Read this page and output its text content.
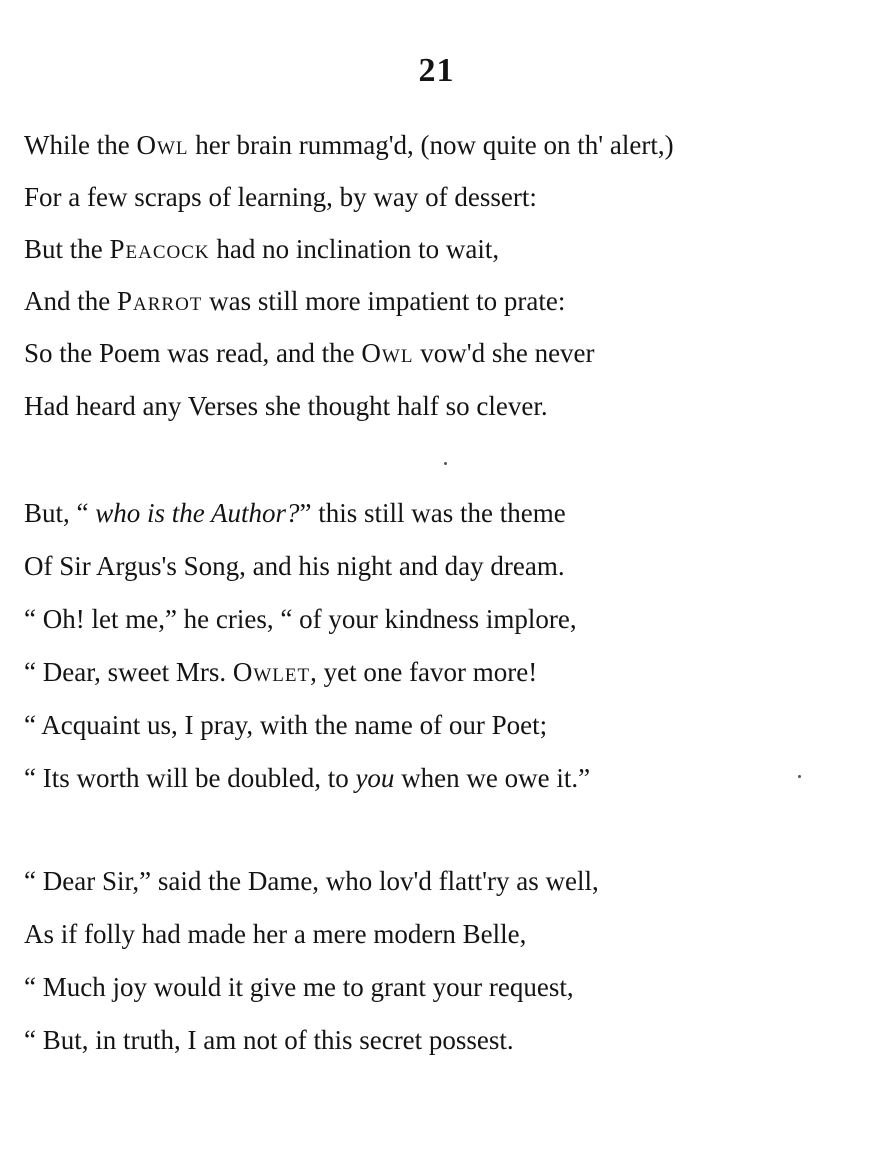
21
While the Owl her brain rummag'd, (now quite on th' alert,)
For a few scraps of learning, by way of dessert:
But the Peacock had no inclination to wait,
And the Parrot was still more impatient to prate:
So the Poem was read, and the Owl vow'd she never
Had heard any Verses she thought half so clever.
But, “ who is the Author?” this still was the theme
Of Sir Argus's Song, and his night and day dream.
“ Oh! let me,” he cries, “ of your kindness implore,
“ Dear, sweet Mrs. Owlet, yet one favor more!
“ Acquaint us, I pray, with the name of our Poet;
“ Its worth will be doubled, to you when we owe it.”
“ Dear Sir,” said the Dame, who lov'd flatt'ry as well,
As if folly had made her a mere modern Belle,
“ Much joy would it give me to grant your request,
“ But, in truth, I am not of this secret possest.
